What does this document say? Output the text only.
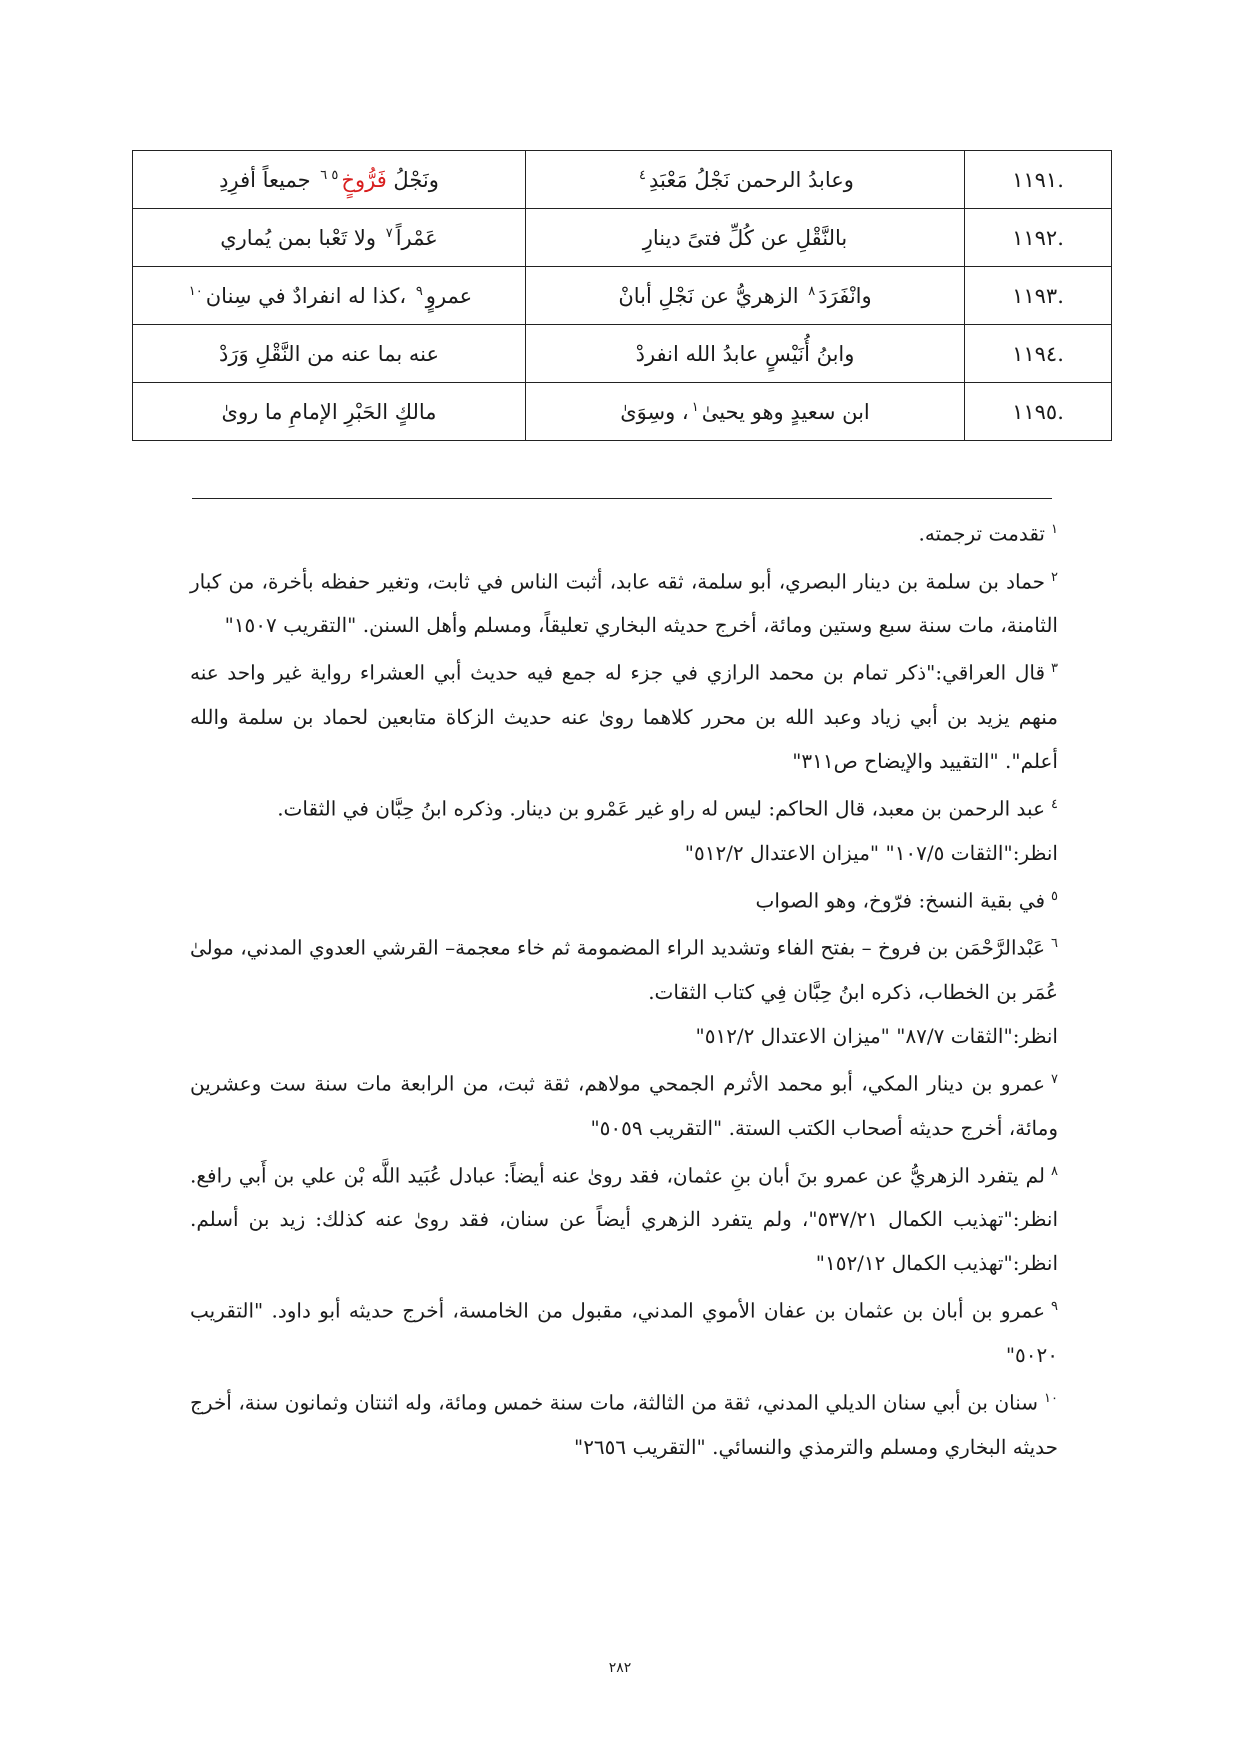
.١١٩١	وعابدُ الرحمن نَجْلُ مَعْبَدِ$^٤$	ونَجْلُ فَرُّوخٍ$^{٥ ٦}$ جميعاً أفرِدِ
.١١٩٢	بالنَّقْلِ عن كُلِّ فتىً دينارِ	عَمْراً$^٧$ ولا تَعْبا بمن يُماري
.١١٩٣	وانْفَرَدَ$^٨$ الزهريُّ عن نَجْلِ أبانْ	عمروٍ$^٩$ ،كذا له انفرادٌ في سِنان$^{١٠}$
.١١٩٤	وابنُ أُنَيْسٍ عابدُ الله انفردْ	عنه بما عنه من النَّقْلِ وَرَدْ
.١١٩٥	ابن سعيدٍ وهو يحيىٰ$^١$، وسِوَىٰ	مالكٍ الحَبْرِ الإمامِ ما روىٰ

$^١$تقدمت ترجمته.

$^٢$حماد بن سلمة بن دينار البصري، أبو سلمة، ثقه عابد، أثبت الناس في ثابت، وتغير حفظه بأخرة، من كبار الثامنة، مات سنة سبع وستين ومائة، أخرج حديثه البخاري تعليقاً، ومسلم وأهل السنن. "التقريب ١٥٠٧"

$^٣$قال العراقي:"ذكر تمام بن محمد الرازي في جزء له جمع فيه حديث أبي العشراء رواية غير واحد عنه منهم يزيد بن أبي زياد وعبد الله بن محرر كلاهما روىٰ عنه حديث الزكاة متابعين لحماد بن سلمة والله أعلم". "التقييد والإيضاح ص٣١١"

$^٤$عبد الرحمن بن معبد، قال الحاكم: ليس له راو غير عَمْرو بن دينار. وذكره ابنُ حِبَّان في الثقات.

انظر:"الثقات ١٠٧/٥" "ميزان الاعتدال ٥١٢/٢"

$^٥$في بقية النسخ: فرّوخ، وهو الصواب

$^٦$عَبْدالرَّحْمَن بن فروخ – بفتح الفاء وتشديد الراء المضمومة ثم خاء معجمة– القرشي العدوي المدني، مولىٰ عُمَر بن الخطاب، ذكره ابنُ حِبَّان فِي كتاب الثقات.

انظر:"الثقات ٨٧/٧" "ميزان الاعتدال ٥١٢/٢"

$^٧$عمرو بن دينار المكي، أبو محمد الأثرم الجمحي مولاهم، ثقة ثبت، من الرابعة مات سنة ست وعشرين ومائة، أخرج حديثه أصحاب الكتب الستة. "التقريب ٥٠٥٩"

$^٨$لم يتفرد الزهريُّ عن عمرو بنَ أبان بنِ عثمان، فقد روىٰ عنه أيضاً: عبادل عُبَيد اللَّه بْن علي بن أَبي رافع. انظر:"تهذيب الكمال ٥٣٧/٢١"، ولم يتفرد الزهري أيضاً عن سنان، فقد روىٰ عنه كذلك: زيد بن أسلم. انظر:"تهذيب الكمال ١٥٢/١٢"

$^٩$عمرو بن أبان بن عثمان بن عفان الأموي المدني، مقبول من الخامسة، أخرج حديثه أبو داود. "التقريب ٥٠٢٠"

$^{١٠}$سنان بن أبي سنان الديلي المدني، ثقة من الثالثة، مات سنة خمس ومائة، وله اثنتان وثمانون سنة، أخرج حديثه البخاري ومسلم والترمذي والنسائي. "التقريب ٢٦٥٦"

٢٨٢
